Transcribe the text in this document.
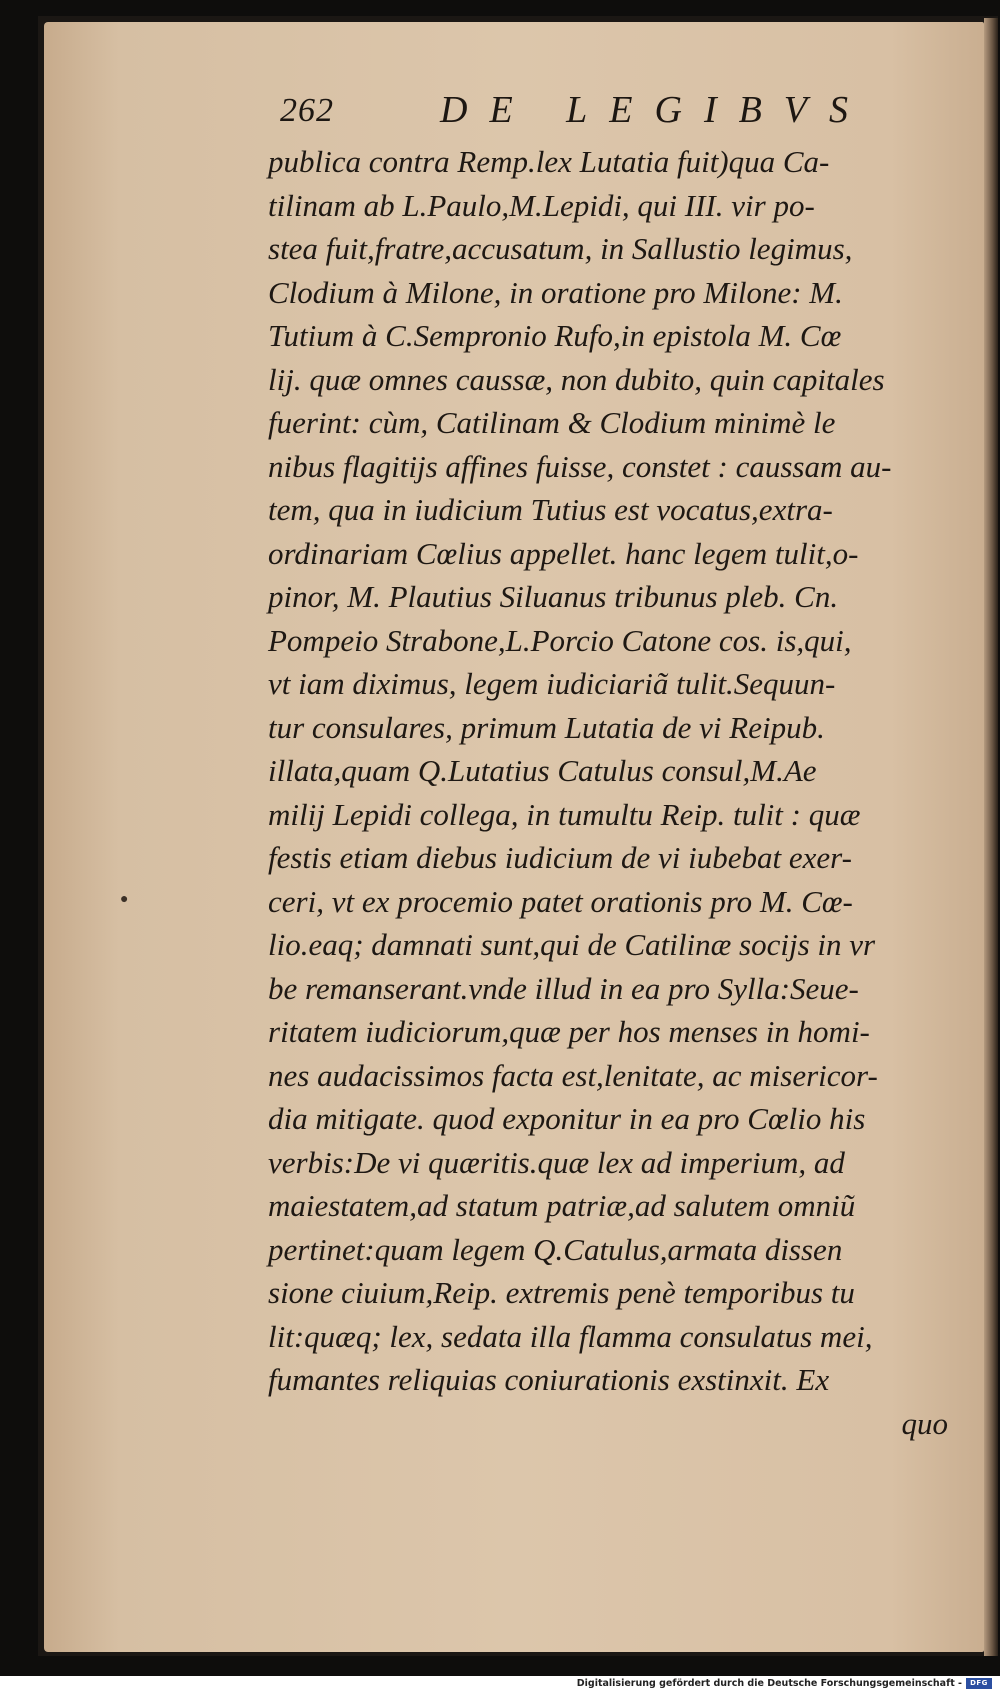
262	DE LEGIBVS
publica contra Remp.lex Lutatia fuit)qua Ca-
tilinam ab L.Paulo,M.Lepidi, qui III. vir po-
stea fuit,fratre,accusatum, in Sallustio legimus,
Clodium à Milone, in oratione pro Milone: M.
Tutium à C.Sempronio Rufo,in epistola M. Cœ
lij. quæ omnes caussæ, non dubito, quin capitales
fuerint: cùm, Catilinam & Clodium minimè le
nibus flagitijs affines fuisse, constet : caussam au-
tem, qua in iudicium Tutius est vocatus,extra-
ordinariam Cœlius appellet. hanc legem tulit,o-
pinor, M. Plautius Siluanus tribunus pleb. Cn.
Pompeio Strabone,L.Porcio Catone cos. is,qui,
vt iam diximus, legem iudiciariã tulit.Sequun-
tur consulares, primum Lutatia de vi Reipub.
illata,quam Q.Lutatius Catulus consul,M.Ae
milij Lepidi collega, in tumultu Reip. tulit : quæ
festis etiam diebus iudicium de vi iubebat exer-
ceri, vt ex procemio patet orationis pro M. Cœ-
lio.eaq; damnati sunt,qui de Catilinæ socijs in vr
be remanserant.vnde illud in ea pro Sylla:Seue-
ritatem iudiciorum,quæ per hos menses in homi-
nes audacissimos facta est,lenitate, ac misericor-
dia mitigate. quod exponitur in ea pro Cœlio his
verbis:De vi quæritis.quæ lex ad imperium, ad
maiestatem,ad statum patriæ,ad salutem omniũ
pertinet:quam legem Q.Catulus,armata dissen
sione ciuium,Reip. extremis penè temporibus tu
lit:quæq; lex, sedata illa flamma consulatus mei,
fumantes reliquias coniurationis exstinxit. Ex
quo
●
Digitalisierung gefördert durch die Deutsche Forschungsgemeinschaft -	DFG
